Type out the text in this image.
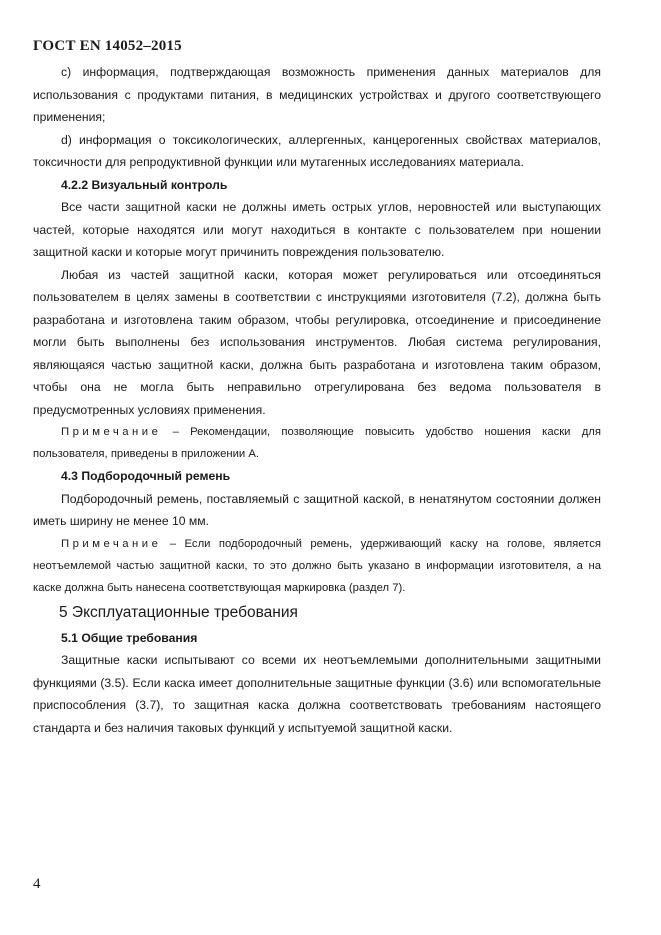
ГОСТ EN 14052–2015

c) информация, подтверждающая возможность применения данных материалов для использования с продуктами питания, в медицинских устройствах и другого соответствующего применения;

d) информация о токсикологических, аллергенных, канцерогенных свойствах материалов, токсичности для репродуктивной функции или мутагенных исследованиях материала.

4.2.2 Визуальный контроль

Все части защитной каски не должны иметь острых углов, неровностей или выступающих частей, которые находятся или могут находиться в контакте с пользователем при ношении защитной каски и которые могут причинить повреждения пользователю.

Любая из частей защитной каски, которая может регулироваться или отсоединяться пользователем в целях замены в соответствии с инструкциями изготовителя (7.2), должна быть разработана и изготовлена таким образом, чтобы регулировка, отсоединение и присоединение могли быть выполнены без использования инструментов. Любая система регулирования, являющаяся частью защитной каски, должна быть разработана и изготовлена таким образом, чтобы она не могла быть неправильно отрегулирована без ведома пользователя в предусмотренных условиях применения.

Примечание – Рекомендации, позволяющие повысить удобство ношения каски для пользователя, приведены в приложении А.

4.3 Подбородочный ремень

Подбородочный ремень, поставляемый с защитной каской, в ненатянутом состоянии должен иметь ширину не менее 10 мм.

Примечание – Если подбородочный ремень, удерживающий каску на голове, является неотъемлемой частью защитной каски, то это должно быть указано в информации изготовителя, а на каске должна быть нанесена соответствующая маркировка (раздел 7).

5 Эксплуатационные требования
5.1 Общие требования

Защитные каски испытывают со всеми их неотъемлемыми дополнительными защитными функциями (3.5). Если каска имеет дополнительные защитные функции (3.6) или вспомогательные приспособления (3.7), то защитная каска должна соответствовать требованиям настоящего стандарта и без наличия таковых функций у испытуемой защитной каски.

4
